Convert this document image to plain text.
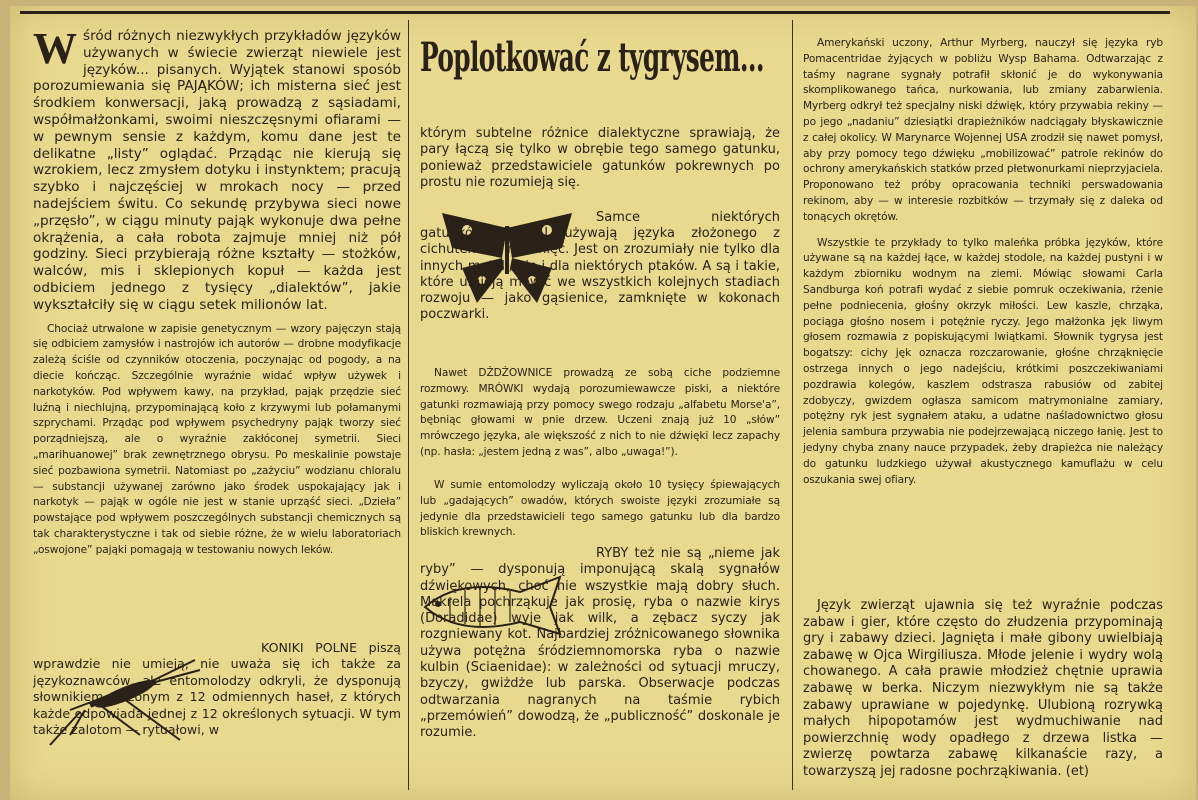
Wśród różnych niezwykłych przykładów języków używanych w świecie zwierząt niewiele jest języków... pisanych. Wyjątek stanowi sposób porozumiewania się PAJĄKÓW; ich misterna sieć jest środkiem konwersacji, jaką prowadzą z sąsiadami, współmałżonkami, swoimi nieszczęsnymi ofiarami — w pewnym sensie z każdym, komu dane jest te delikatne „listy” oglądać. Prządąc nie kierują się wzrokiem, lecz zmysłem dotyku i instynktem; pracują szybko i najczęściej w mrokach nocy — przed nadejściem świtu. Co sekundę przybywa sieci nowe „przęsło”, w ciągu minuty pająk wykonuje dwa pełne okrążenia, a cała robota zajmuje mniej niż pół godziny. Sieci przybierają różne kształty — stożków, walców, mis i sklepionych kopuł — każda jest odbiciem jednego z tysięcy „dialektów”, jakie wykształciły się w ciągu setek milionów lat.
Chociaż utrwalone w zapisie genetycznym — wzory pajęczyn stają się odbiciem zamysłów i nastrojów ich autorów — drobne modyfikacje zależą ściśle od czynników otoczenia, poczynając od pogody, a na diecie kończąc. Szczególnie wyraźnie widać wpływ używek i narkotyków. Pod wpływem kawy, na przykład, pająk przędzie sieć luźną i niechlujną, przypominającą koło z krzywymi lub połamanymi szprychami. Prządąc pod wpływem psychedryny pająk tworzy sieć porządniejszą, ale o wyraźnie zakłóconej symetrii. Sieci „marihuanowej” brak zewnętrznego obrysu. Po meskalinie powstaje sieć pozbawiona symetrii. Natomiast po „zażyciu” wodzianu chloralu — substancji używanej zarówno jako środek uspokajający jak i narkotyk — pająk w ogóle nie jest w stanie uprząść sieci. „Dzieła” powstające pod wpływem poszczególnych substancji chemicznych są tak charakterystyczne i tak od siebie różne, że w wielu laboratoriach „oswojone” pająki pomagają w testowaniu nowych leków.
KONIKI POLNE piszą wprawdzie nie umieją, nie uważa się ich także za językoznawców, ale entomolodzy odkryli, że dysponują słownikiem złożonym z 12 odmiennych haseł, z których każde odpowiada jednej z 12 określonych sytuacji. W tym także zalotom — rytuałowi, w
Poplotkować z tygrysem...

którym subtelne różnice dialektyczne sprawiają, że pary łączą się tylko w obrębie tego samego gatunku, ponieważ przedstawiciele gatunków pokrewnych po prostu nie rozumieją się.

Samce niektórych gatunków MOTYLI używają języka złożonego z cichuteńkich mlaśnięć. Jest on zrozumiały nie tylko dla innych motyli, ale i dla niektórych ptaków. A są i takie, które umieją mówić we wszystkich kolejnych stadiach rozwoju — jako gąsienice, zamknięte w kokonach poczwarki.
Nawet DŻDŻOWNICE prowadzą ze sobą ciche podziemne rozmowy. MRÓWKI wydają porozumiewawcze piski, a niektóre gatunki rozmawiają przy pomocy swego rodzaju „alfabetu Morse'a”, bębniąc głowami w pnie drzew. Uczeni znają już 10 „słów” mrówczego języka, ale większość z nich to nie dźwięki lecz zapachy (np. hasła: „jestem jedną z was”, albo „uwaga!”).
W sumie entomolodzy wyliczają około 10 tysięcy śpiewających lub „gadających” owadów, których swoiste języki zrozumiałe są jedynie dla przedstawicieli tego samego gatunku lub dla bardzo bliskich krewnych.
RYBY też nie są „nieme jak ryby” — dysponują imponującą skalą sygnałów dźwiękowych, choć nie wszystkie mają dobry słuch. Makrela pochrząkuje jak prosię, ryba o nazwie kirys (Doradidae) wyje jak wilk, a zębacz syczy jak rozgniewany kot. Najbardziej zróżnicowanego słownika używa potężna śródziemnomorska ryba o nazwie kulbin (Sciaenidae): w zależności od sytuacji mruczy, bzyczy, gwiżdże lub parska. Obserwacje podczas odtwarzania nagranych na taśmie rybich „przemówień” dowodzą, że „publiczność” doskonale je rozumie.

Amerykański uczony, Arthur Myrberg, nauczył się języka ryb Pomacentridae żyjących w pobliżu Wysp Bahama. Odtwarzając z taśmy nagrane sygnały potrafił skłonić je do wykonywania skomplikowanego tańca, nurkowania, lub zmiany zabarwienia. Myrberg odkrył też specjalny niski dźwięk, który przywabia rekiny — po jego „nadaniu” dziesiątki drapieżników nadciągały błyskawicznie z całej okolicy. W Marynarce Wojennej USA zrodził się nawet pomysł, aby przy pomocy tego dźwięku „mobilizować” patrole rekinów do ochrony amerykańskich statków przed płetwonurkami nieprzyjaciela. Proponowano też próby opracowania techniki perswadowania rekinom, aby — w interesie rozbitków — trzymały się z daleka od tonących okrętów.

Wszystkie te przykłady to tylko maleńka próbka języków, które używane są na każdej łące, w każdej stodole, na każdej pustyni i w każdym zbiorniku wodnym na ziemi. Mówiąc słowami Carla Sandburga koń potrafi wydać z siebie pomruk oczekiwania, rżenie pełne podniecenia, głośny okrzyk miłości. Lew kaszle, chrząka, pociąga głośno nosem i potężnie ryczy. Jego małżonka jęk liwym głosem rozmawia z popiskującymi lwiątkami. Słownik tygrysa jest bogatszy: cichy jęk oznacza rozczarowanie, głośne chrząknięcie ostrzega innych o jego nadejściu, krótkimi poszczekiwaniami pozdrawia kolegów, kaszlem odstrasza rabusiów od zabitej zdobyczy, gwizdem ogłasza samicom matrymonialne zamiary, potężny ryk jest sygnałem ataku, a udatne naśladownictwo głosu jelenia sambura przywabia nie podejrzewającą niczego łanię. Jest to jedyny chyba znany nauce przypadek, żeby drapieżca nie należący do gatunku ludzkiego używał akustycznego kamuflażu w celu oszukania swej ofiary.

Język zwierząt ujawnia się też wyraźnie podczas zabaw i gier, które często do złudzenia przypominają gry i zabawy dzieci. Jagnięta i małe gibony uwielbiają zabawę w Ojca Wirgiliusza. Młode jelenie i wydry wolą chowanego. A cała prawie młodzież chętnie uprawia zabawę w berka. Niczym niezwykłym nie są także zabawy uprawiane w pojedynkę. Ulubioną rozrywką małych hipopotamów jest wydmuchiwanie nad powierzchnię wody opadłego z drzewa listka — zwierzę powtarza zabawę kilkanaście razy, a towarzyszą jej radosne pochrząkiwania. (et)
